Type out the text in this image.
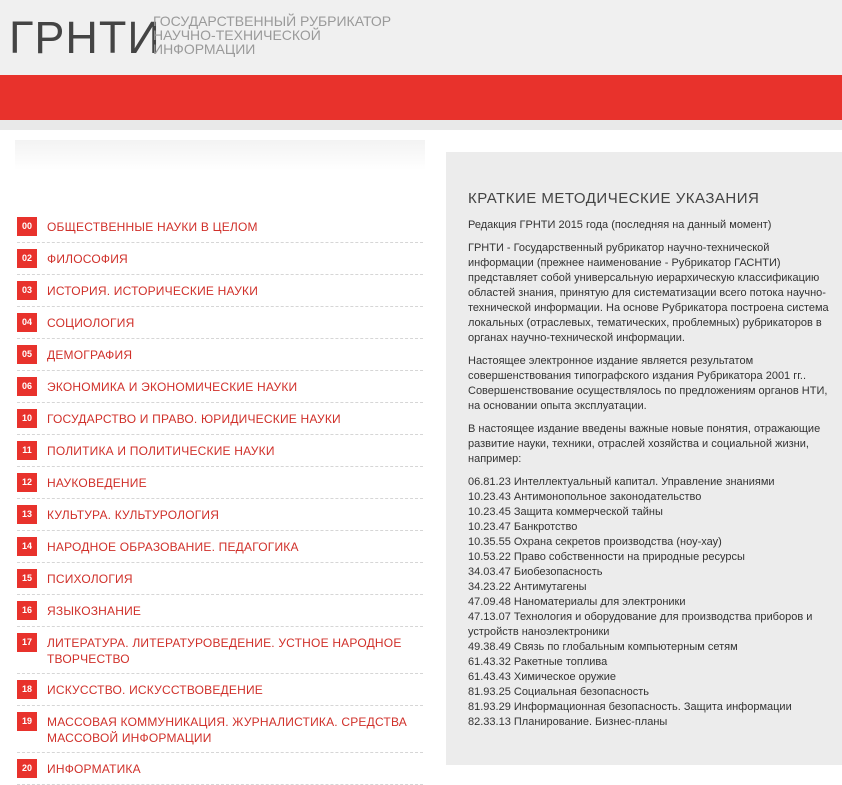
ГРНТИ
ГОСУДАРСТВЕННЫЙ РУБРИКАТОР
НАУЧНО-ТЕХНИЧЕСКОЙ
ИНФОРМАЦИИ
00	ОБЩЕСТВЕННЫЕ НАУКИ В ЦЕЛОМ
02	ФИЛОСОФИЯ
03	ИСТОРИЯ. ИСТОРИЧЕСКИЕ НАУКИ
04	СОЦИОЛОГИЯ
05	ДЕМОГРАФИЯ
06	ЭКОНОМИКА И ЭКОНОМИЧЕСКИЕ НАУКИ
10	ГОСУДАРСТВО И ПРАВО. ЮРИДИЧЕСКИЕ НАУКИ
11	ПОЛИТИКА И ПОЛИТИЧЕСКИЕ НАУКИ
12	НАУКОВЕДЕНИЕ
13	КУЛЬТУРА. КУЛЬТУРОЛОГИЯ
14	НАРОДНОЕ ОБРАЗОВАНИЕ. ПЕДАГОГИКА
15	ПСИХОЛОГИЯ
16	ЯЗЫКОЗНАНИЕ
17	ЛИТЕРАТУРА. ЛИТЕРАТУРОВЕДЕНИЕ. УСТНОЕ НАРОДНОЕ ТВОРЧЕСТВО
18	ИСКУССТВО. ИСКУССТВОВЕДЕНИЕ
19	МАССОВАЯ КОММУНИКАЦИЯ. ЖУРНАЛИСТИКА. СРЕДСТВА МАССОВОЙ ИНФОРМАЦИИ
20	ИНФОРМАТИКА
КРАТКИЕ МЕТОДИЧЕСКИЕ УКАЗАНИЯ

Редакция ГРНТИ 2015 года (последняя на данный момент)

ГРНТИ - Государственный рубрикатор научно-технической информации (прежнее наименование - Рубрикатор ГАСНТИ) представляет собой универсальную иерархическую классификацию областей знания, принятую для систематизации всего потока научно-технической информации. На основе Рубрикатора построена система локальных (отраслевых, тематических, проблемных) рубрикаторов в органах научно-технической информации.

Настоящее электронное издание является результатом совершенствования типографского издания Рубрикатора 2001 гг.. Совершенствование осуществлялось по предложениям органов НТИ, на основании опыта эксплуатации.

В настоящее издание введены важные новые понятия, отражающие развитие науки, техники, отраслей хозяйства и социальной жизни, например:

06.81.23 Интеллектуальный капитал. Управление знаниями
10.23.43 Антимонопольное законодательство
10.23.45 Защита коммерческой тайны
10.23.47 Банкротство
10.35.55 Охрана секретов производства (ноу-хау)
10.53.22 Право собственности на природные ресурсы
34.03.47 Биобезопасность
34.23.22 Антимутагены
47.09.48 Наноматериалы для электроники
47.13.07 Технология и оборудование для производства приборов и устройств наноэлектроники
49.38.49 Связь по глобальным компьютерным сетям
61.43.32 Ракетные топлива
61.43.43 Химическое оружие
81.93.25 Социальная безопасность
81.93.29 Информационная безопасность. Защита информации
82.33.13 Планирование. Бизнес-планы
